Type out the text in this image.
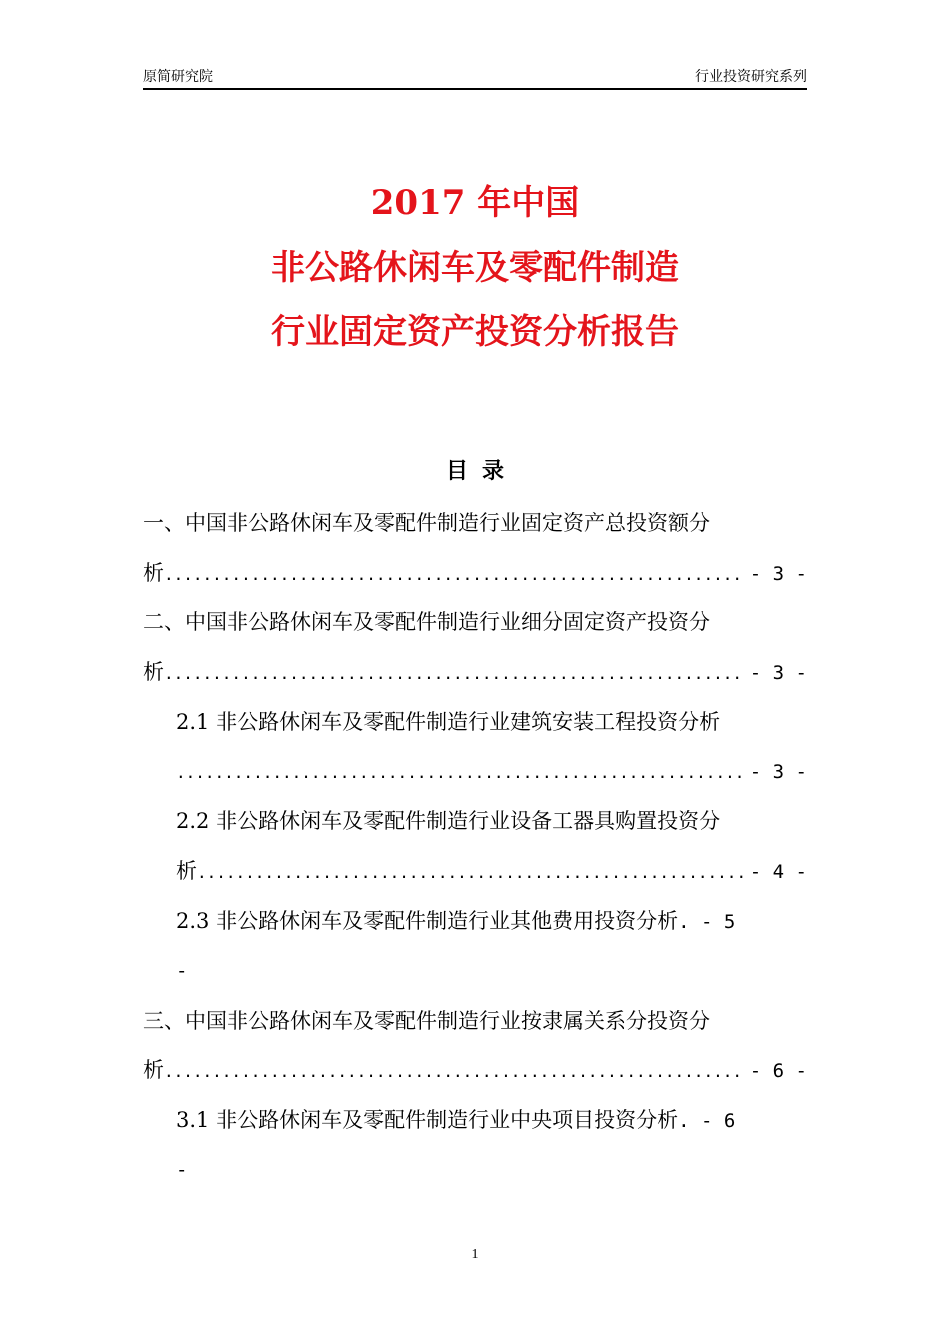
原简研究院	行业投资研究系列
2017 年中国
非公路休闲车及零配件制造
行业固定资产投资分析报告
目录
一、中国非公路休闲车及零配件制造行业固定资产总投资额分
析 .....	- 3 -
二、中国非公路休闲车及零配件制造行业细分固定资产投资分
析 .....	- 3 -
2.1 非公路休闲车及零配件制造行业建筑安装工程投资分析
.....
- 3 -
2.2 非公路休闲车及零配件制造行业设备工器具购置投资分
析 .....	- 4 -
2.3 非公路休闲车及零配件制造行业其他费用投资分析. - 5
-
三、中国非公路休闲车及零配件制造行业按隶属关系分投资分
析 .....	- 6 -
3.1 非公路休闲车及零配件制造行业中央项目投资分析. - 6
-
1
